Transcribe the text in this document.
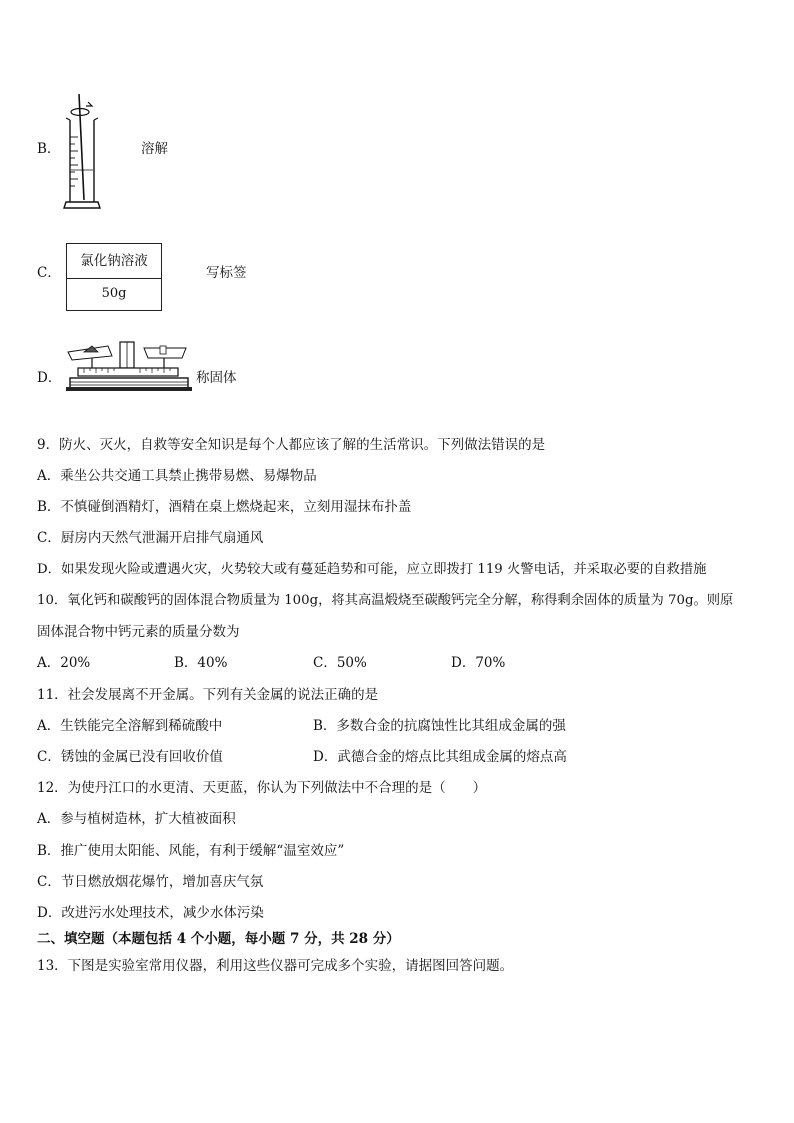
B．	溶解
C．
氯化钠溶液
50g
写标签
D．	称固体
9．防火、灭火，自救等安全知识是每个人都应该了解的生活常识。下列做法错误的是
A．乘坐公共交通工具禁止携带易燃、易爆物品
B．不慎碰倒酒精灯，酒精在桌上燃烧起来，立刻用湿抹布扑盖
C．厨房内天然气泄漏开启排气扇通风
D．如果发现火险或遭遇火灾，火势较大或有蔓延趋势和可能，应立即拨打 119 火警电话，并采取必要的自救措施
10．氧化钙和碳酸钙的固体混合物质量为 100g，将其高温煅烧至碳酸钙完全分解，称得剩余固体的质量为 70g。则原
固体混合物中钙元素的质量分数为
A．20%	B．40%	C．50%	D．70%
11．社会发展离不开金属。下列有关金属的说法正确的是
A．生铁能完全溶解到稀硫酸中	B．多数合金的抗腐蚀性比其组成金属的强
C．锈蚀的金属已没有回收价值	D．武德合金的熔点比其组成金属的熔点高
12．为使丹江口的水更清、天更蓝，你认为下列做法中不合理的是（　　）
A．参与植树造林，扩大植被面积
B．推广使用太阳能、风能，有利于缓解“温室效应”
C．节日燃放烟花爆竹，增加喜庆气氛
D．改进污水处理技术，减少水体污染
二、填空题（本题包括 4 个小题，每小题 7 分，共 28 分）
13．下图是实验室常用仪器，利用这些仪器可完成多个实验，请据图回答问题。
